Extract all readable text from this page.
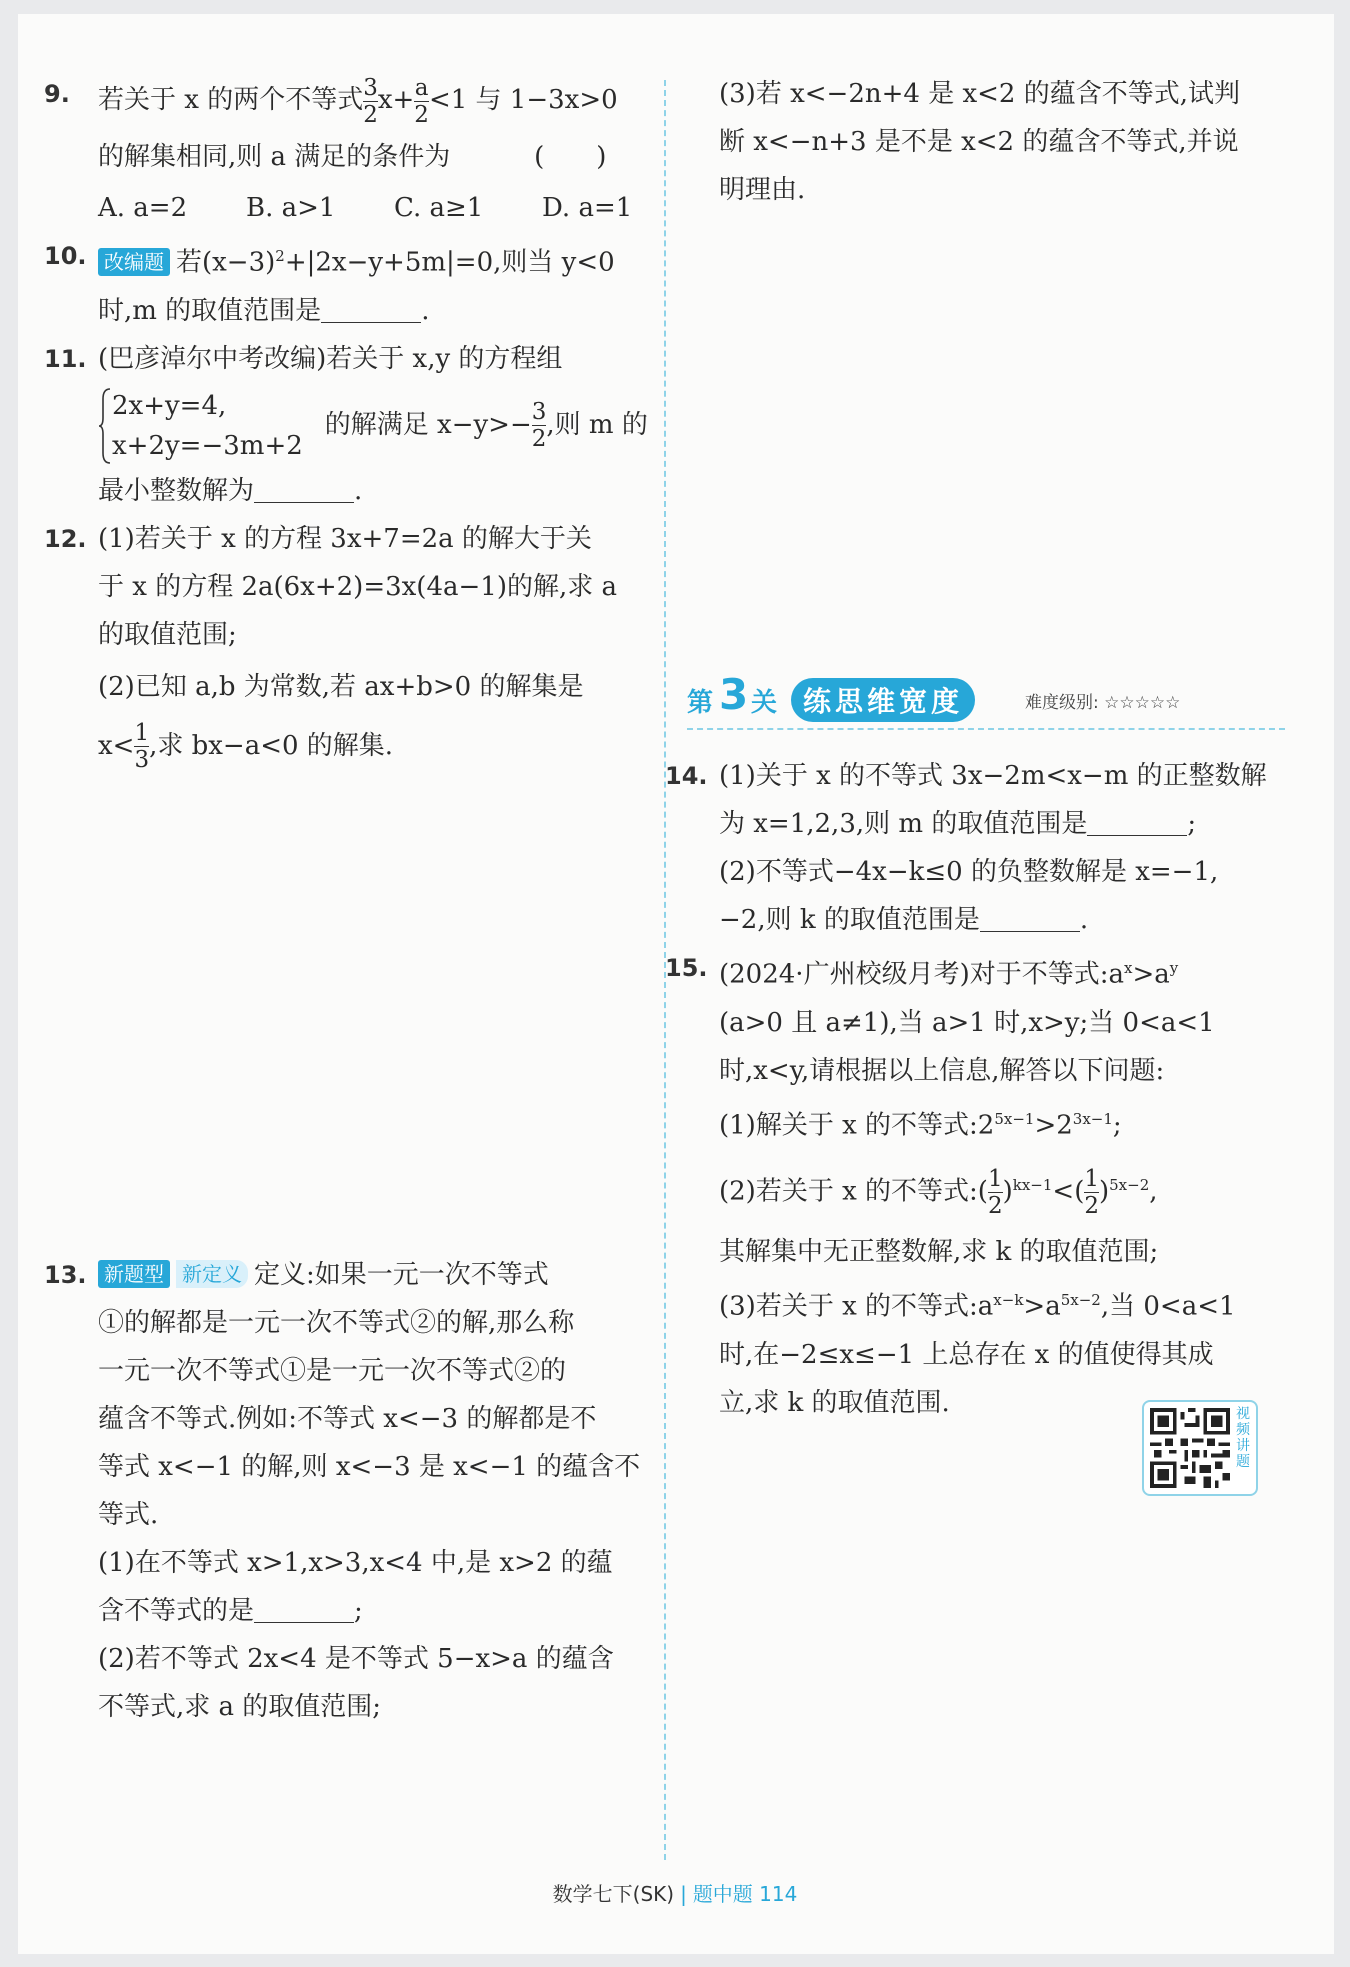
9. 若关于 x 的两个不等式 $\frac{3}{2} x+ \frac{a}{2} <1$ 与 1−3x>0
的解集相同,则 a 满足的条件为	(　　)
A. a=2 B. a>1 C. a≥1 D. a=1
10. 改编题 若$(x-3)^2+|2x-y+5m|=0$,则当 y<0
时,m 的取值范围是	.
11. (巴彦淖尔中考改编)若关于 x,y 的方程组
2x+y=4,
x+2y=−3m+2
的解满足 $x-y>- \frac{3}{2}$ ,则 m 的
最小整数解为	.
12. (1)若关于 x 的方程 3x+7=2a 的解大于关
于 x 的方程 2a(6x+2)=3x(4a−1)的解,求 a
的取值范围;
(2)已知 a,b 为常数,若 ax+b>0 的解集是
$x< \frac{1}{3}$ ,求 bx−a<0 的解集.
13. 新题型 新定义 定义:如果一元一次不等式
①的解都是一元一次不等式②的解,那么称
一元一次不等式①是一元一次不等式②的
蕴含不等式.例如:不等式 x<−3 的解都是不
等式 x<−1 的解,则 x<−3 是 x<−1 的蕴含不
等式.
(1)在不等式 x>1,x>3,x<4 中,是 x>2 的蕴
含不等式的是	;
(2)若不等式 2x<4 是不等式 5−x>a 的蕴含
不等式,求 a 的取值范围;
(3)若 x<−2n+4 是 x<2 的蕴含不等式,试判
断 x<−n+3 是不是 x<2 的蕴含不等式,并说
明理由.
第 3 关 练思维宽度	难度级别: ☆☆☆☆☆
14. (1)关于 x 的不等式 3x−2m<x−m 的正整数解
为 x=1,2,3,则 m 的取值范围是	;
(2)不等式−4x−k≤0 的负整数解是 x=−1,
−2,则 k 的取值范围是	.
15. (2024·广州校级月考)对于不等式$:a^x>a^y$
(a>0 且 a≠1),当 a>1 时,x>y;当 0<a<1
时,x<y,请根据以上信息,解答以下问题:
(1)解关于 x 的不等式$:2^{5x-1}>2^{3x-1}$;
(2)若关于 x 的不等式:( $\frac{1}{2} )^{kx-1}<( \frac{1}{2} )^{5x-2}$,
其解集中无正整数解,求 k 的取值范围;
(3)若关于 x 的不等式$:a^{x-k}>a^{5x-2}$,当 0<a<1
时,在−2≤x≤−1 上总存在 x 的值使得其成
立,求 k 的取值范围.	视频讲题
数学七下(SK) | 题中题 114
